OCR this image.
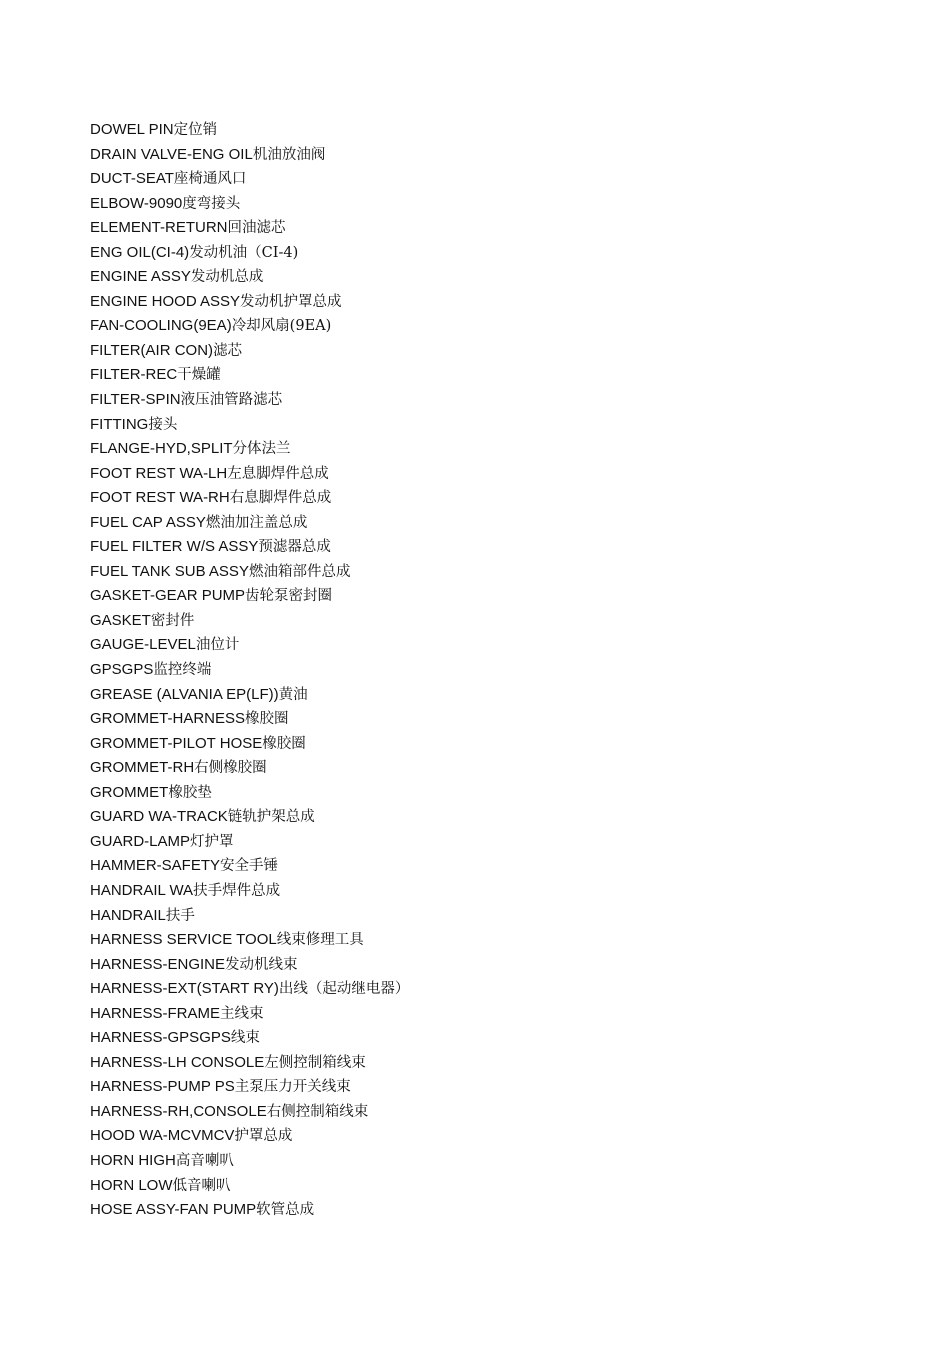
DOWEL PIN定位销
DRAIN VALVE-ENG OIL机油放油阀
DUCT-SEAT座椅通风口
ELBOW-9090度弯接头
ELEMENT-RETURN回油滤芯
ENG OIL(CI-4)发动机油（CI-4)
ENGINE ASSY发动机总成
ENGINE HOOD ASSY发动机护罩总成
FAN-COOLING(9EA)冷却风扇(9EA)
FILTER(AIR CON)滤芯
FILTER-REC干燥罐
FILTER-SPIN液压油管路滤芯
FITTING接头
FLANGE-HYD,SPLIT分体法兰
FOOT REST WA-LH左息脚焊件总成
FOOT REST WA-RH右息脚焊件总成
FUEL CAP ASSY燃油加注盖总成
FUEL FILTER W/S ASSY预滤器总成
FUEL TANK SUB ASSY燃油箱部件总成
GASKET-GEAR PUMP齿轮泵密封圈
GASKET密封件
GAUGE-LEVEL油位计
GPSGPS监控终端
GREASE (ALVANIA EP(LF))黄油
GROMMET-HARNESS橡胶圈
GROMMET-PILOT HOSE橡胶圈
GROMMET-RH右侧橡胶圈
GROMMET橡胶垫
GUARD WA-TRACK链轨护架总成
GUARD-LAMP灯护罩
HAMMER-SAFETY安全手锤
HANDRAIL WA扶手焊件总成
HANDRAIL扶手
HARNESS SERVICE TOOL线束修理工具
HARNESS-ENGINE发动机线束
HARNESS-EXT(START RY)出线（起动继电器）
HARNESS-FRAME主线束
HARNESS-GPSGPS线束
HARNESS-LH CONSOLE左侧控制箱线束
HARNESS-PUMP PS主泵压力开关线束
HARNESS-RH,CONSOLE右侧控制箱线束
HOOD WA-MCVMCV护罩总成
HORN HIGH高音喇叭
HORN LOW低音喇叭
HOSE ASSY-FAN PUMP软管总成
